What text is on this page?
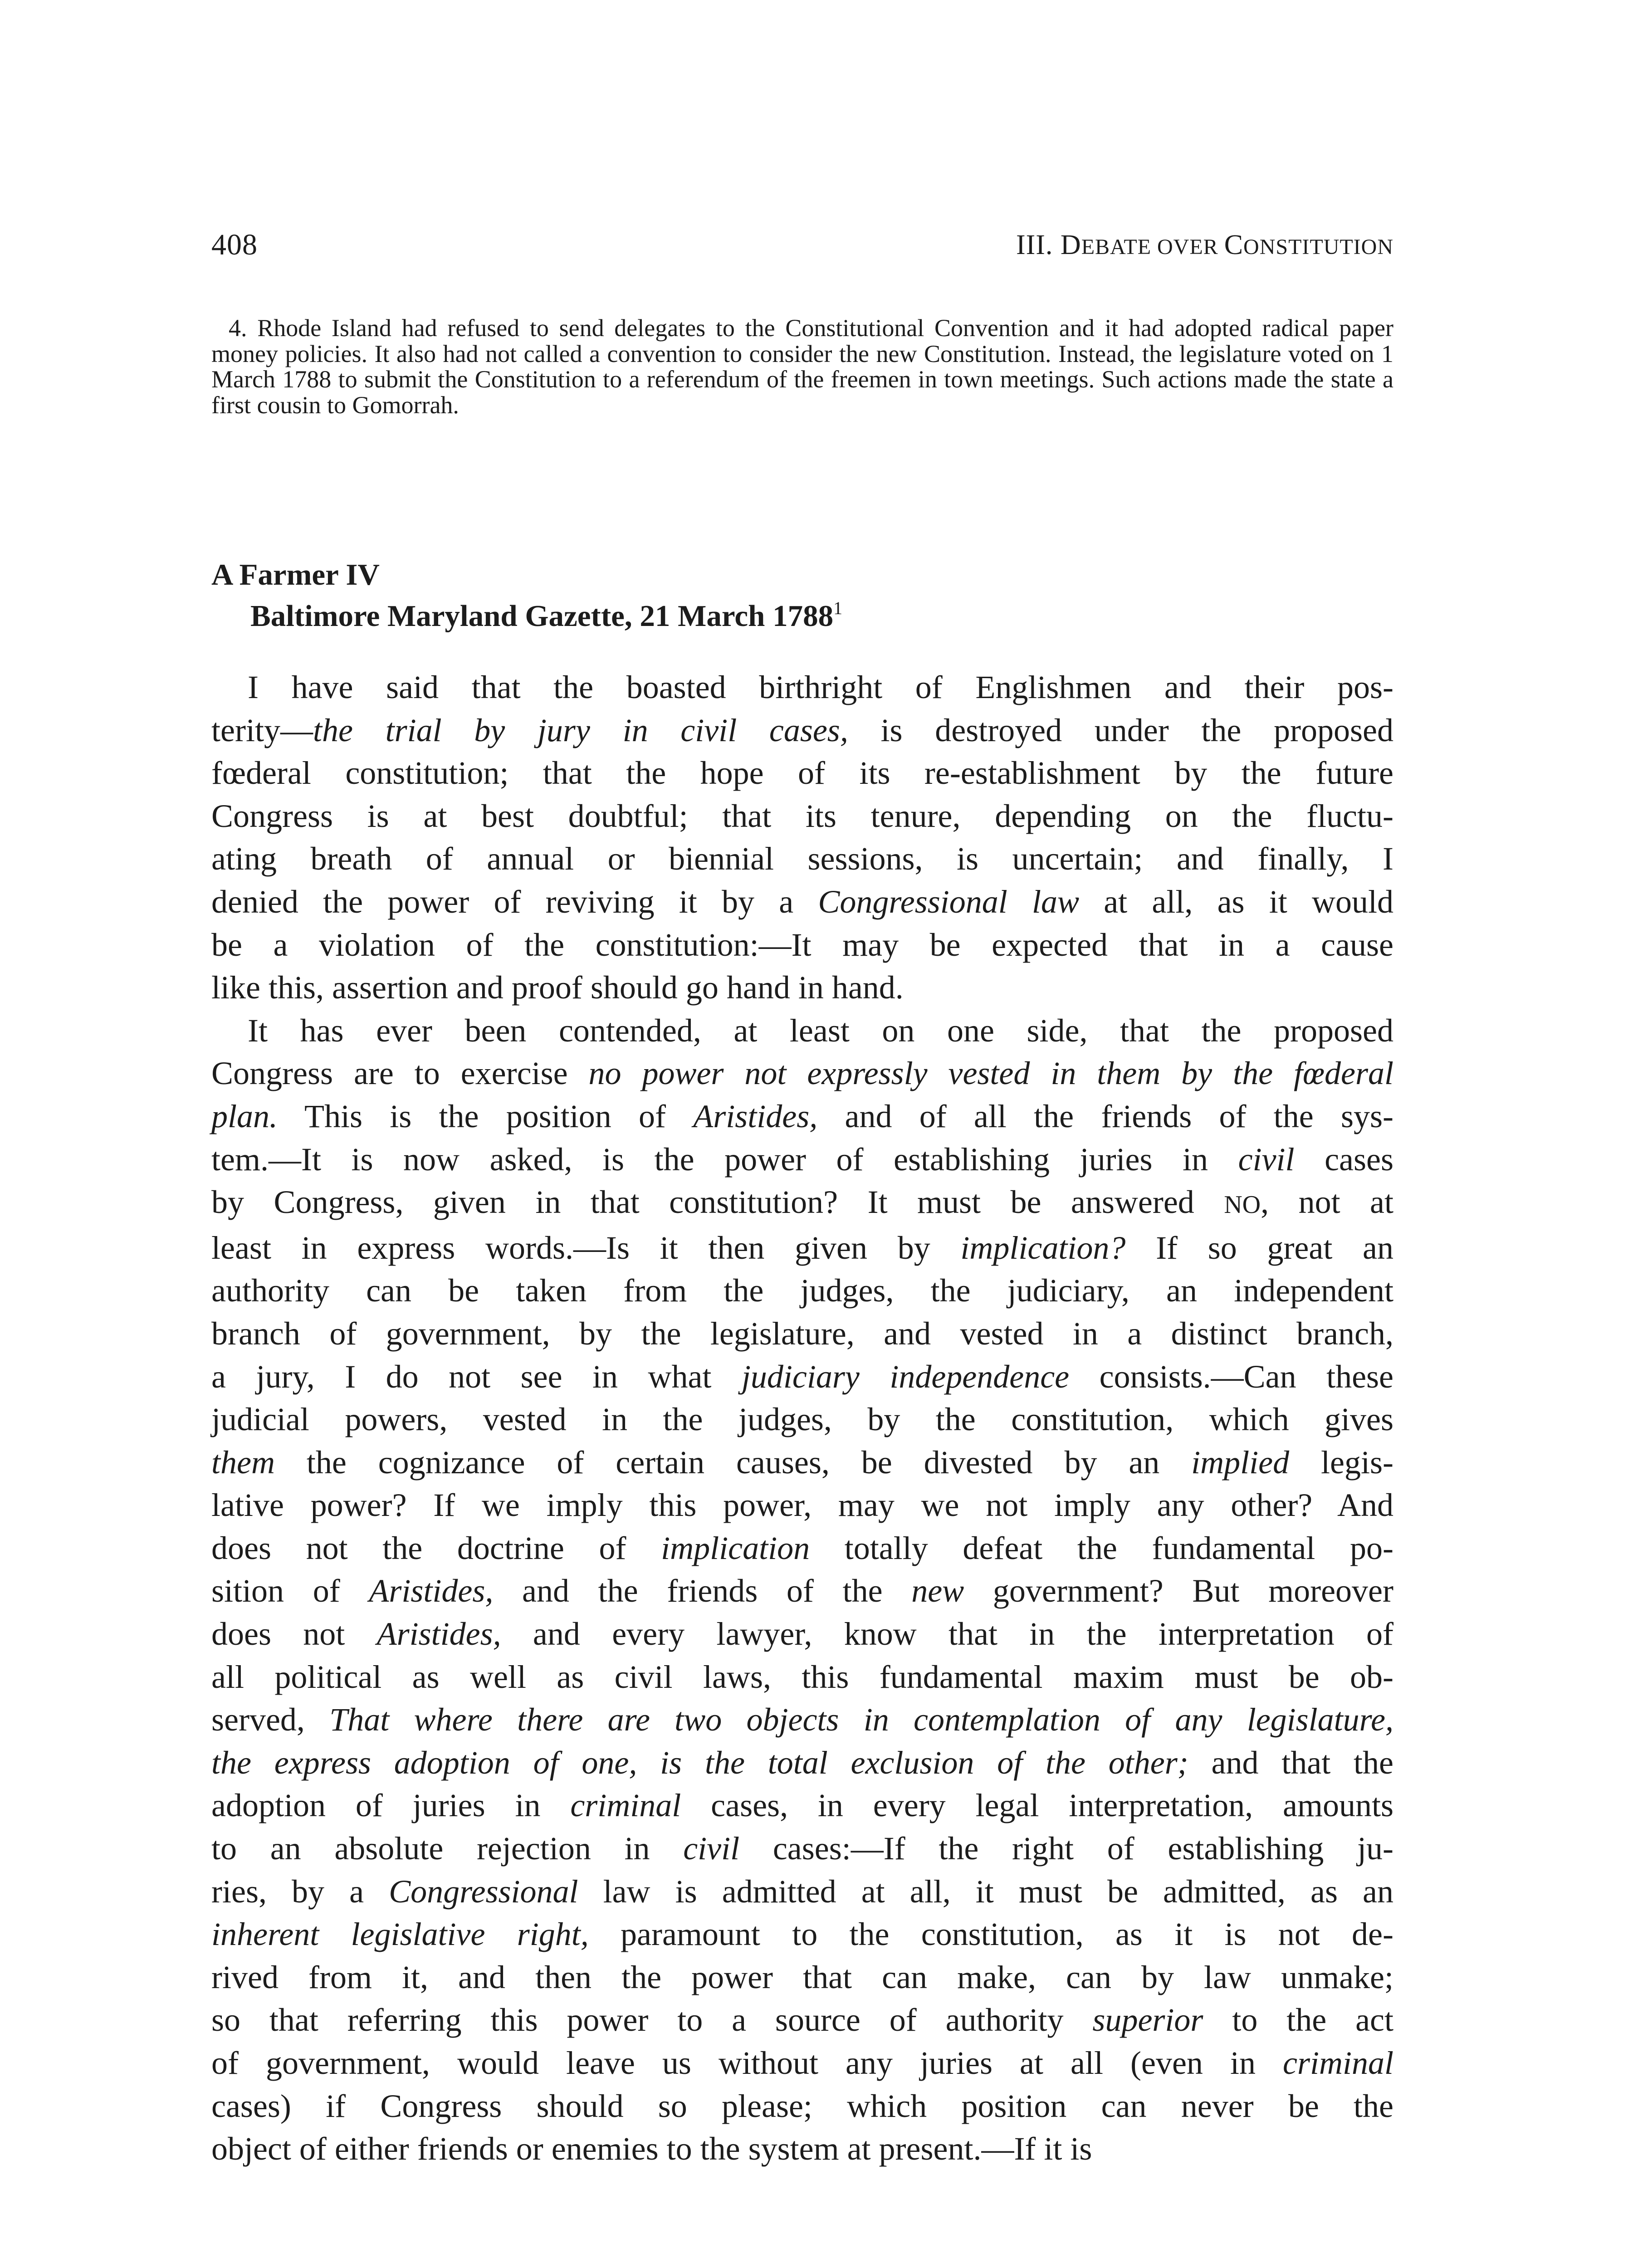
408	III. DEBATE OVER CONSTITUTION

4. Rhode Island had refused to send delegates to the Constitutional Convention and it had adopted radical paper money policies. It also had not called a convention to consider the new Constitution. Instead, the legislature voted on 1 March 1788 to submit the Constitution to a referendum of the freemen in town meetings. Such actions made the state a first cousin to Gomorrah.

A Farmer IV
Baltimore Maryland Gazette, 21 March 1788$^1$
I have said that the boasted birthright of Englishmen and their pos-
terity—the trial by jury in civil cases, is destroyed under the proposed
fœderal constitution; that the hope of its re-establishment by the future
Congress is at best doubtful; that its tenure, depending on the fluctu-
ating breath of annual or biennial sessions, is uncertain; and finally, I
denied the power of reviving it by a Congressional law at all, as it would
be a violation of the constitution:—It may be expected that in a cause
like this, assertion and proof should go hand in hand.
It has ever been contended, at least on one side, that the proposed
Congress are to exercise no power not expressly vested in them by the fœderal
plan. This is the position of Aristides, and of all the friends of the sys-
tem.—It is now asked, is the power of establishing juries in civil cases
by Congress, given in that constitution? It must be answered NO, not at
least in express words.—Is it then given by implication? If so great an
authority can be taken from the judges, the judiciary, an independent
branch of government, by the legislature, and vested in a distinct branch,
a jury, I do not see in what judiciary independence consists.—Can these
judicial powers, vested in the judges, by the constitution, which gives
them the cognizance of certain causes, be divested by an implied legis-
lative power? If we imply this power, may we not imply any other? And
does not the doctrine of implication totally defeat the fundamental po-
sition of Aristides, and the friends of the new government? But moreover
does not Aristides, and every lawyer, know that in the interpretation of
all political as well as civil laws, this fundamental maxim must be ob-
served, That where there are two objects in contemplation of any legislature,
the express adoption of one, is the total exclusion of the other; and that the
adoption of juries in criminal cases, in every legal interpretation, amounts
to an absolute rejection in civil cases:—If the right of establishing ju-
ries, by a Congressional law is admitted at all, it must be admitted, as an
inherent legislative right, paramount to the constitution, as it is not de-
rived from it, and then the power that can make, can by law unmake;
so that referring this power to a source of authority superior to the act
of government, would leave us without any juries at all (even in criminal
cases) if Congress should so please; which position can never be the
object of either friends or enemies to the system at present.—If it is
